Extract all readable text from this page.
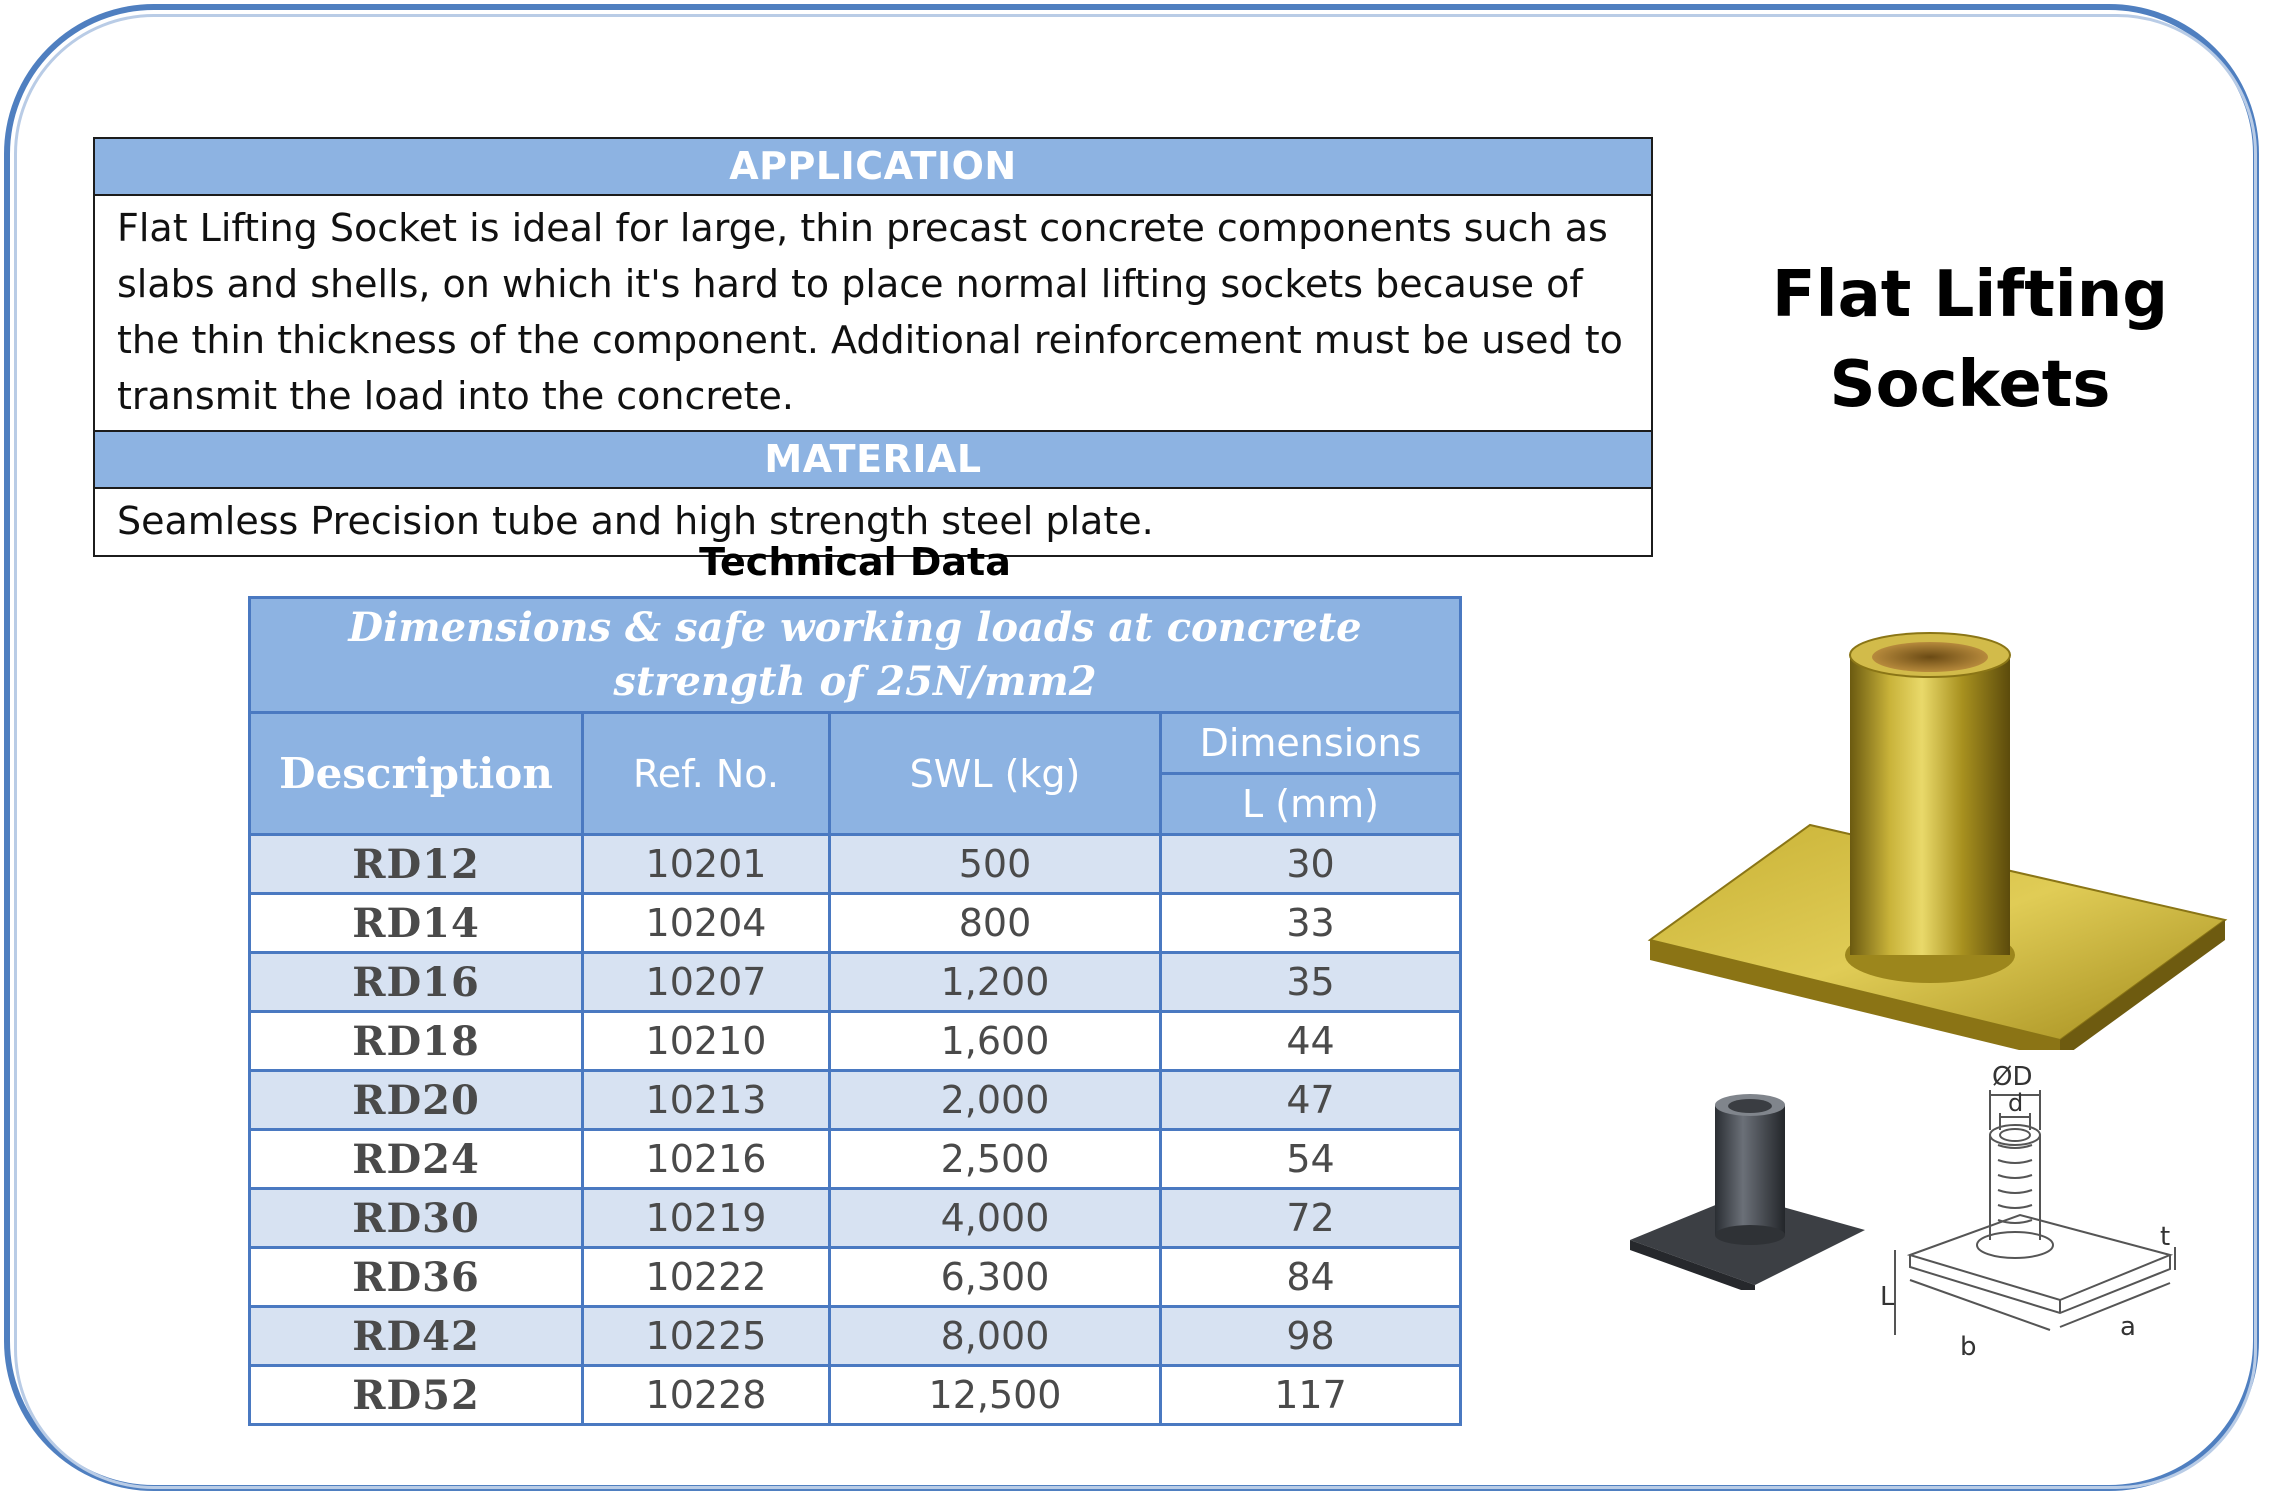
APPLICATION
Flat Lifting Socket is ideal for large, thin precast concrete components such as slabs and shells, on which it's hard to place normal lifting sockets because of the thin thickness of the component. Additional reinforcement must be used to transmit the load into the concrete.
MATERIAL
Seamless Precision tube and high strength steel plate.
Technical Data
Dimensions & safe working loads at concrete strength of 25N/mm2			
Description	Ref. No.	SWL (kg)	Dimensions
			L (mm)
RD12	10201	500	30
RD14	10204	800	33
RD16	10207	1,200	35
RD18	10210	1,600	44
RD20	10213	2,000	47
RD24	10216	2,500	54
RD30	10219	4,000	72
RD36	10222	6,300	84
RD42	10225	8,000	98
RD52	10228	12,500	117
Flat Lifting Sockets
ØD
d
t
L
b
a
